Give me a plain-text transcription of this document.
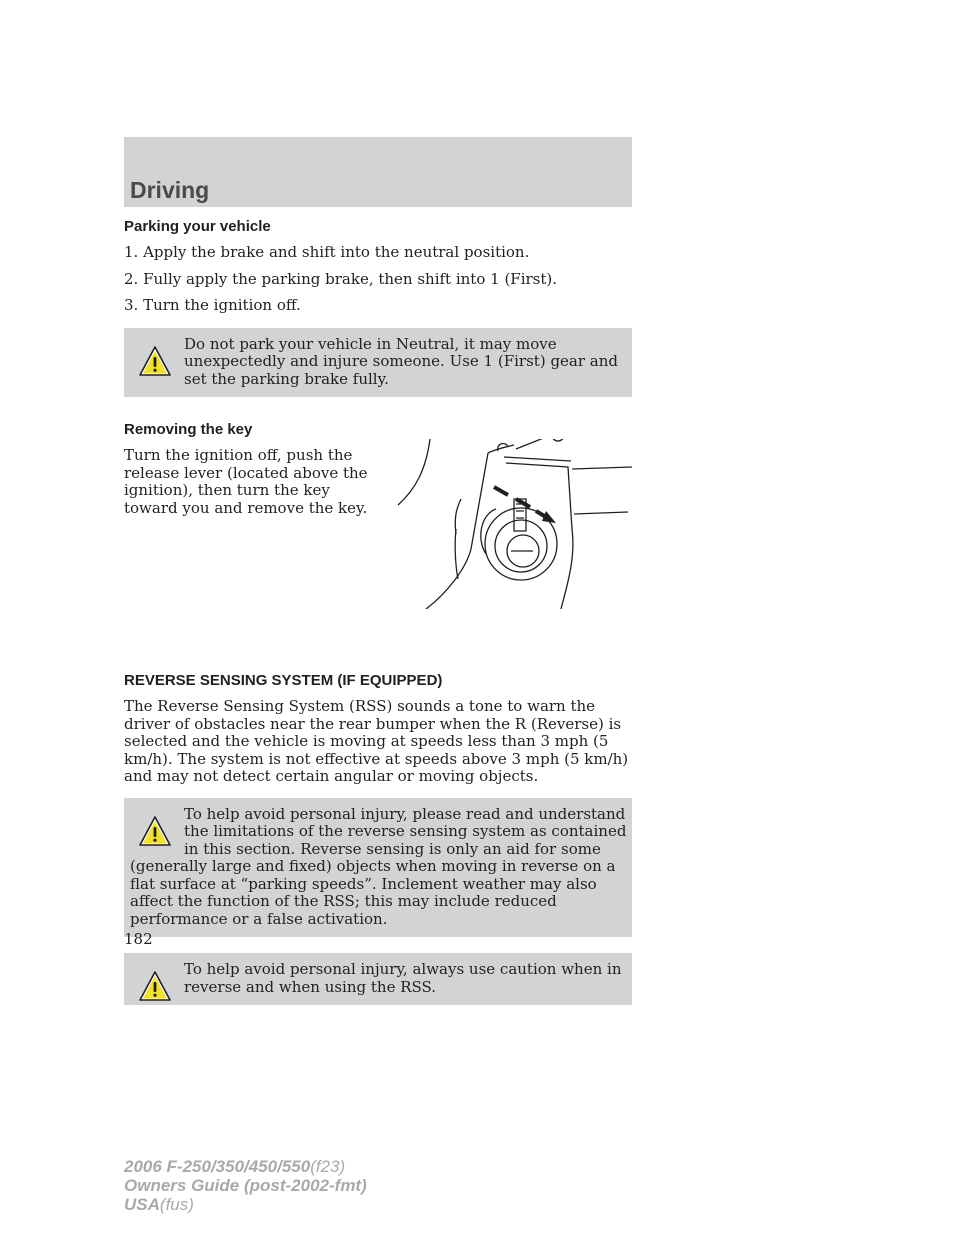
Driving
Parking your vehicle
1. Apply the brake and shift into the neutral position.
2. Fully apply the parking brake, then shift into 1 (First).
3. Turn the ignition off.
Do not park your vehicle in Neutral, it may move unexpectedly and injure someone. Use 1 (First) gear and set the parking brake fully.
Removing the key
Turn the ignition off, push the release lever (located above the ignition), then turn the key toward you and remove the key.
REVERSE SENSING SYSTEM (IF EQUIPPED)
The Reverse Sensing System (RSS) sounds a tone to warn the driver of obstacles near the rear bumper when the R (Reverse) is selected and the vehicle is moving at speeds less than 3 mph (5 km/h). The system is not effective at speeds above 3 mph (5 km/h) and may not detect certain angular or moving objects.
To help avoid personal injury, please read and understand the limitations of the reverse sensing system as contained in this section. Reverse sensing is only an aid for some (generally large and fixed) objects when moving in reverse on a flat surface at “parking speeds”. Inclement weather may also affect the function of the RSS; this may include reduced performance or a false activation.
To help avoid personal injury, always use caution when in reverse and when using the RSS.
182
2006 F-250/350/450/550(f23)
Owners Guide (post-2002-fmt)
USA(fus)
